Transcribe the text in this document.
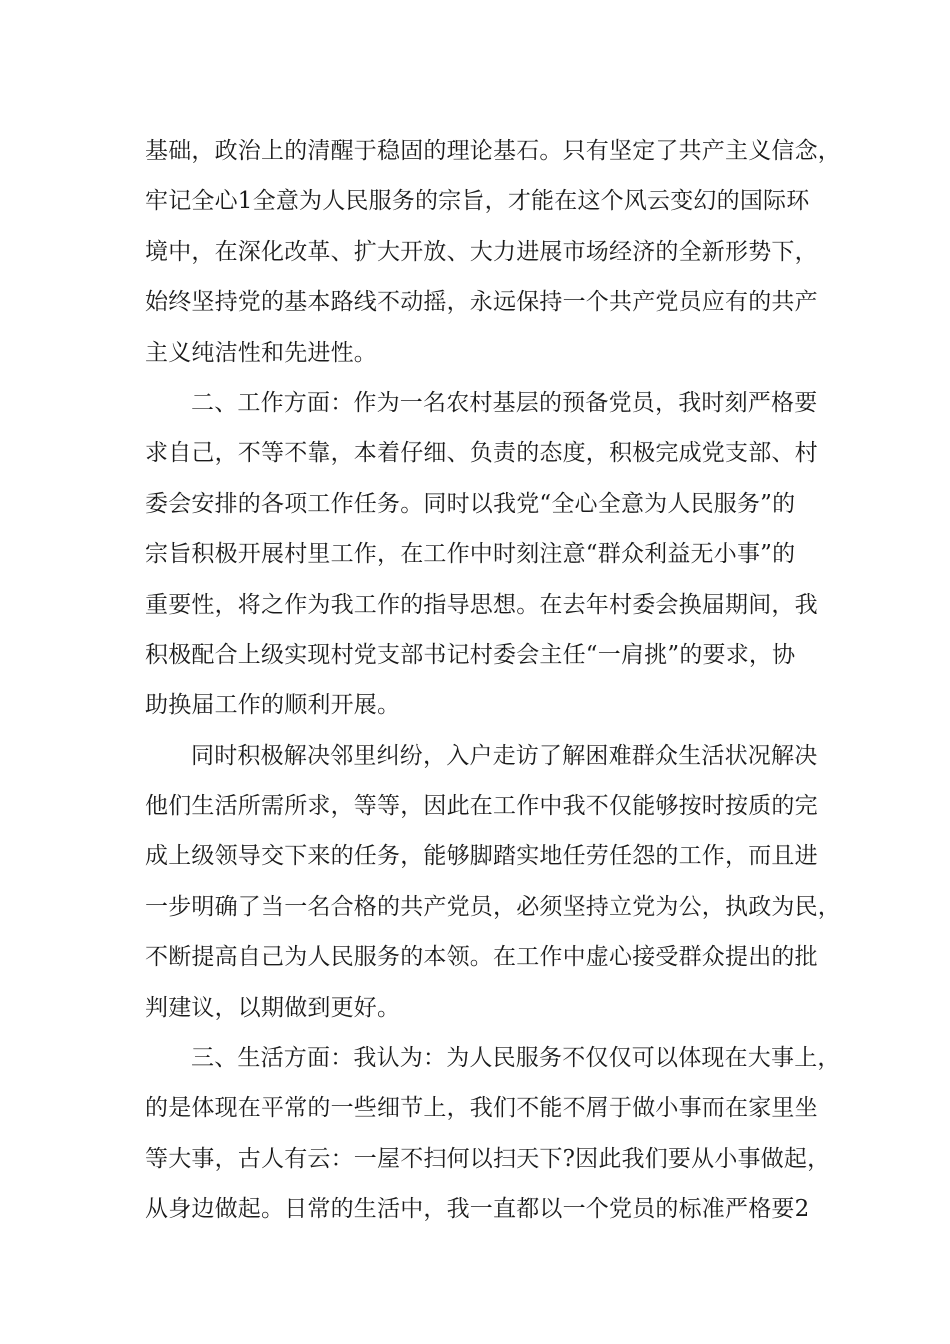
基础，政治上的清醒于稳固的理论基石。只有坚定了共产主义信念，
牢记全心1全意为人民服务的宗旨，才能在这个风云变幻的国际环
境中，在深化改革、扩大开放、大力进展市场经济的全新形势下，
始终坚持党的基本路线不动摇，永远保持一个共产党员应有的共产
主义纯洁性和先进性。
二、工作方面：作为一名农村基层的预备党员，我时刻严格要
求自己，不等不靠，本着仔细、负责的态度，积极完成党支部、村
委会安排的各项工作任务。同时以我党“全心全意为人民服务”的
宗旨积极开展村里工作，在工作中时刻注意“群众利益无小事”的
重要性，将之作为我工作的指导思想。在去年村委会换届期间，我
积极配合上级实现村党支部书记村委会主任“一肩挑”的要求，协
助换届工作的顺利开展。
同时积极解决邻里纠纷，入户走访了解困难群众生活状况解决
他们生活所需所求，等等，因此在工作中我不仅能够按时按质的完
成上级领导交下来的任务，能够脚踏实地任劳任怨的工作，而且进
一步明确了当一名合格的共产党员，必须坚持立党为公，执政为民，
不断提高自己为人民服务的本领。在工作中虚心接受群众提出的批
判建议，以期做到更好。
三、生活方面：我认为：为人民服务不仅仅可以体现在大事上，
的是体现在平常的一些细节上，我们不能不屑于做小事而在家里坐
等大事，古人有云：一屋不扫何以扫天下?因此我们要从小事做起，
从身边做起。日常的生活中，我一直都以一个党员的标准严格要2
